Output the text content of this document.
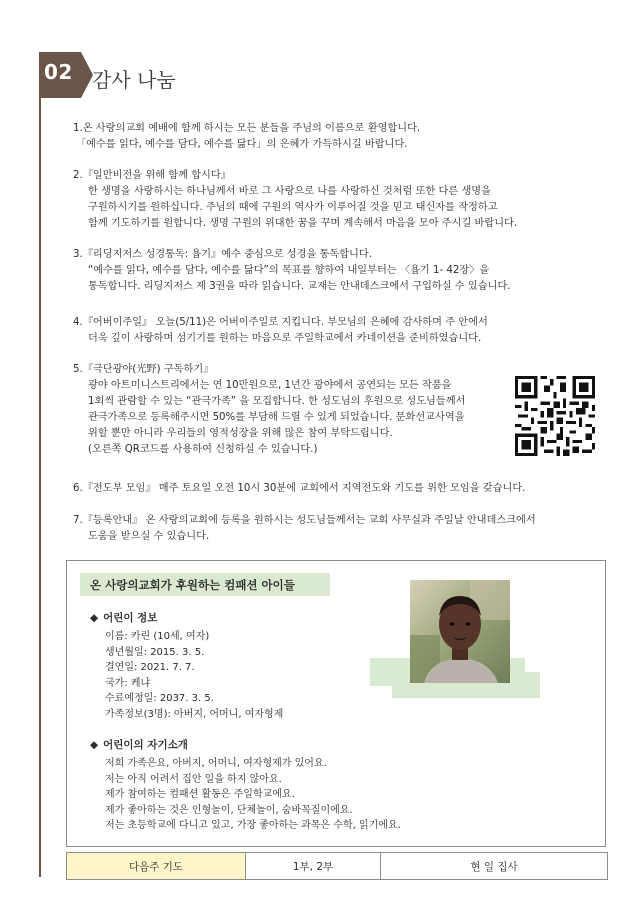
02 감사 나눔
1.온 사랑의교회 예배에 함께 하시는 모든 분들을 주님의 이름으로 환영합니다.
「예수를 읽다, 예수를 담다, 예수를 닮다」의 은혜가 가득하시길 바랍니다.
2.『일만비전을 위해 함께 합시다』
한 생명을 사랑하시는 하나님께서 바로 그 사랑으로 나를 사랑하신 것처럼 또한 다른 생명을
구원하시기를 원하십니다. 주님의 때에 구원의 역사가 이루어질 것을 믿고 태신자를 작정하고
함께 기도하기를 원합니다. 생명 구원의 위대한 꿈을 꾸며 계속해서 마음을 모아 주시길 바랍니다.
3.『리딩지저스 성경통독: 욥기』예수 중심으로 성경을 통독합니다.
“예수를 읽다, 예수를 담다, 예수를 닮다”의 목표를 향하여 내일부터는 〈욥기 1- 42장〉을
통독합니다. 리딩지저스 제 3권을 따라 읽습니다. 교재는 안내데스크에서 구입하실 수 있습니다.
4.『어버이주일』 오늘(5/11)은 어버이주일로 지킵니다. 부모님의 은혜에 감사하며 주 안에서
더욱 깊이 사랑하며 섬기기를 원하는 마음으로 주일학교에서 카네이션을 준비하였습니다.
5.『극단광야(光野) 구독하기』
광야 아트미니스트리에서는 연 10만원으로, 1년간 광야에서 공연되는 모든 작품을
1회씩 관람할 수 있는 “관극가족” 을 모집합니다. 한 성도님의 후원으로 성도님들께서
관극가족으로 등록해주시면 50%를 부담해 드릴 수 있게 되었습니다. 문화선교사역을
위할 뿐만 아니라 우리들의 영적성장을 위해 많은 참여 부탁드립니다.
(오른쪽 QR코드를 사용하여 신청하실 수 있습니다.)
6.『전도부 모임』 매주 토요일 오전 10시 30분에 교회에서 지역전도와 기도를 위한 모임을 갖습니다.
7.『등록안내』 온 사랑의교회에 등록을 원하시는 성도님들께서는 교회 사무실과 주일날 안내데스크에서
도움을 받으실 수 있습니다.
온 사랑의교회가 후원하는 컴패션 아이들
◆ 어린이 정보
이름: 카린 (10세, 여자)
생년월일: 2015. 3. 5.
결연일: 2021. 7. 7.
국가: 케냐
수료예정일: 2037. 3. 5.
가족정보(3명): 아버지, 어머니, 여자형제
◆ 어린이의 자기소개
저희 가족은요, 아버지, 어머니, 여자형제가 있어요.
저는 아직 어려서 집안 일을 하지 않아요.
제가 참여하는 컴패션 활동은 주일학교에요.
제가 좋아하는 것은 인형놀이, 단체놀이, 숨바꼭질이에요.
저는 초등학교에 다니고 있고, 가장 좋아하는 과목은 수학, 읽기에요.
다음주 기도	1부, 2부	현 일 집사
